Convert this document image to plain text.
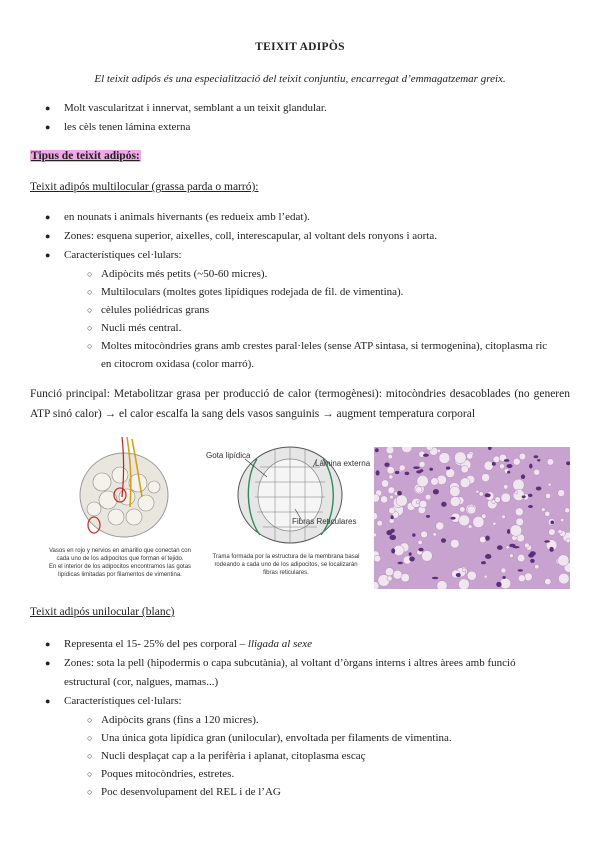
TEIXIT ADIPÒS
El teixit adipós és una especialització del teixit conjuntiu, encarregat d’emmagatzemar greix.
● Molt vascularitzat i innervat, semblant a un teixit glandular.
● les cèls tenen lámina externa
Tipus de teixit adipós:
Teixit adipós multilocular (grassa parda o marró):
● en nounats i animals hivernants (es redueix amb l’edat).
● Zones: esquena superior, aixelles, coll, interescapular, al voltant dels ronyons i aorta.
● Característiques cel·lulars:
○ Adipòcits més petits (~50-60 micres).
○ Multiloculars (moltes gotes lipídiques rodejada de fil. de vimentina).
○ cèlules poliédricas grans
○ Nucli més central.
○ Moltes mitocòndries grans amb crestes paral·leles (sense ATP sintasa, si termogenina), citoplasma ric
en citocrom oxidasa (color marró).
Funció principal: Metabolitzar grasa per producció de calor (termogènesi): mitocòndries desacoblades (no generen
ATP sinó calor) → el calor escalfa la sang dels vasos sanguinis → augment temperatura corporal
Vasos en rojo y nervios en amarillo que conectan con
cada uno de los adipocitos que forman el tejido.
En el interior de los adipocitos encontramos las gotas
lipídicas limitadas por filamentos de vimentina.
Gota lipídica
Làmina externa
Fibras Reticulares
Trama formada por la estructura de la membrana basal
rodeando a cada uno de los adipocitos, se localizarán
fibras reticulares.
Teixit adipós unilocular (blanc)
● Representa el 15- 25% del pes corporal – lligada al sexe
● Zones: sota la pell (hipodermis o capa subcutània), al voltant d’òrgans interns i altres àrees amb funció
estructural (cor, nalgues, mamas...)
● Característiques cel·lulars:
○ Adipòcits grans (fins a 120 micres).
○ Una única gota lipídica gran (unilocular), envoltada per filaments de vimentina.
○ Nucli desplaçat cap a la perifèria i aplanat, citoplasma escaç
○ Poques mitocòndries, estretes.
○ Poc desenvolupament del REL i de l’AG
